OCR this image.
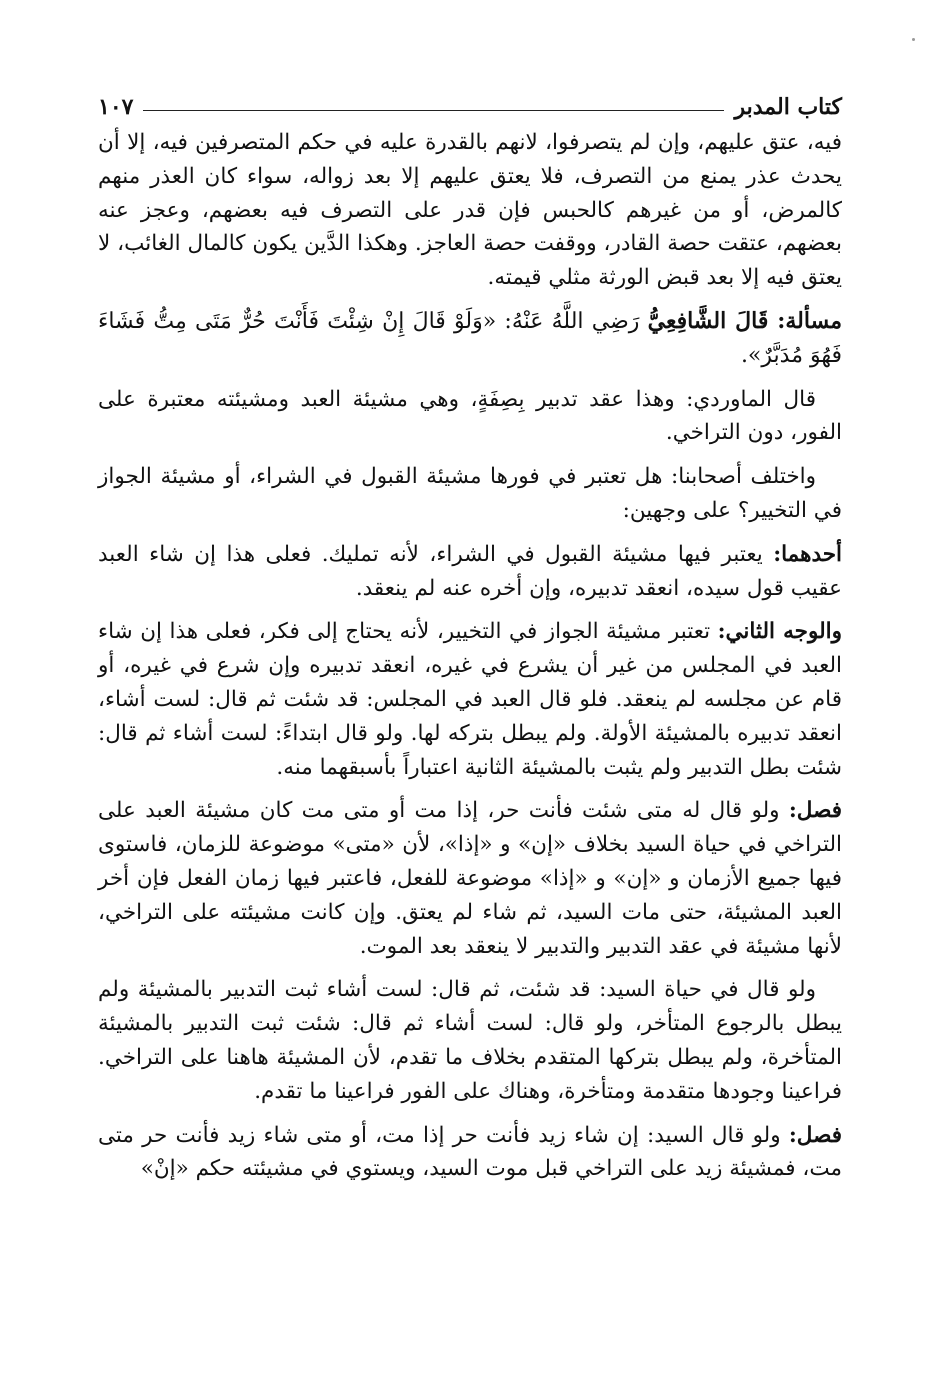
كتاب المدبر
١٠٧

فيه، عتق عليهم، وإن لم يتصرفوا، لانهم بالقدرة عليه في حكم المتصرفين فيه، إلا أن يحدث عذر يمنع من التصرف، فلا يعتق عليهم إلا بعد زواله، سواء كان العذر منهم كالمرض، أو من غيرهم كالحبس فإن قدر على التصرف فيه بعضهم، وعجز عنه بعضهم، عتقت حصة القادر، ووقفت حصة العاجز. وهكذا الدَّين يكون كالمال الغائب، لا يعتق فيه إلا بعد قبض الورثة مثلي قيمته.

مسألة: قَالَ الشَّافِعِيُّ رَضِي اللَّهُ عَنْهُ: «وَلَوْ قَالَ إِنْ شِئْتَ فَأَنْتَ حُرٌّ مَتَى مِتُّ فَشَاءَ فَهُوَ مُدَبَّرٌ».

قال الماوردي: وهذا عقد تدبير بِصِفَةٍ، وهي مشيئة العبد ومشيئته معتبرة على الفور، دون التراخي.

واختلف أصحابنا: هل تعتبر في فورها مشيئة القبول في الشراء، أو مشيئة الجواز في التخيير؟ على وجهين:

أحدهما: يعتبر فيها مشيئة القبول في الشراء، لأنه تمليك. فعلى هذا إن شاء العبد عقيب قول سيده، انعقد تدبيره، وإن أخره عنه لم ينعقد.

والوجه الثاني: تعتبر مشيئة الجواز في التخيير، لأنه يحتاج إلى فكر، فعلى هذا إن شاء العبد في المجلس من غير أن يشرع في غيره، انعقد تدبيره وإن شرع في غيره، أو قام عن مجلسه لم ينعقد. فلو قال العبد في المجلس: قد شئت ثم قال: لست أشاء، انعقد تدبيره بالمشيئة الأولة. ولم يبطل بتركه لها. ولو قال ابتداءً: لست أشاء ثم قال: شئت بطل التدبير ولم يثبت بالمشيئة الثانية اعتباراً بأسبقهما منه.

فصل: ولو قال له متى شئت فأنت حر، إذا مت أو متى مت كان مشيئة العبد على التراخي في حياة السيد بخلاف «إن» و «إذا»، لأن «متى» موضوعة للزمان، فاستوى فيها جميع الأزمان و «إن» و «إذا» موضوعة للفعل، فاعتبر فيها زمان الفعل فإن أخر العبد المشيئة، حتى مات السيد، ثم شاء لم يعتق. وإن كانت مشيئته على التراخي، لأنها مشيئة في عقد التدبير والتدبير لا ينعقد بعد الموت.

ولو قال في حياة السيد: قد شئت، ثم قال: لست أشاء ثبت التدبير بالمشيئة ولم يبطل بالرجوع المتأخر، ولو قال: لست أشاء ثم قال: شئت ثبت التدبير بالمشيئة المتأخرة، ولم يبطل بتركها المتقدم بخلاف ما تقدم، لأن المشيئة هاهنا على التراخي. فراعينا وجودها متقدمة ومتأخرة، وهناك على الفور فراعينا ما تقدم.

فصل: ولو قال السيد: إن شاء زيد فأنت حر إذا مت، أو متى شاء زيد فأنت حر متى مت، فمشيئة زيد على التراخي قبل موت السيد، ويستوي في مشيئته حكم «إنْ»
